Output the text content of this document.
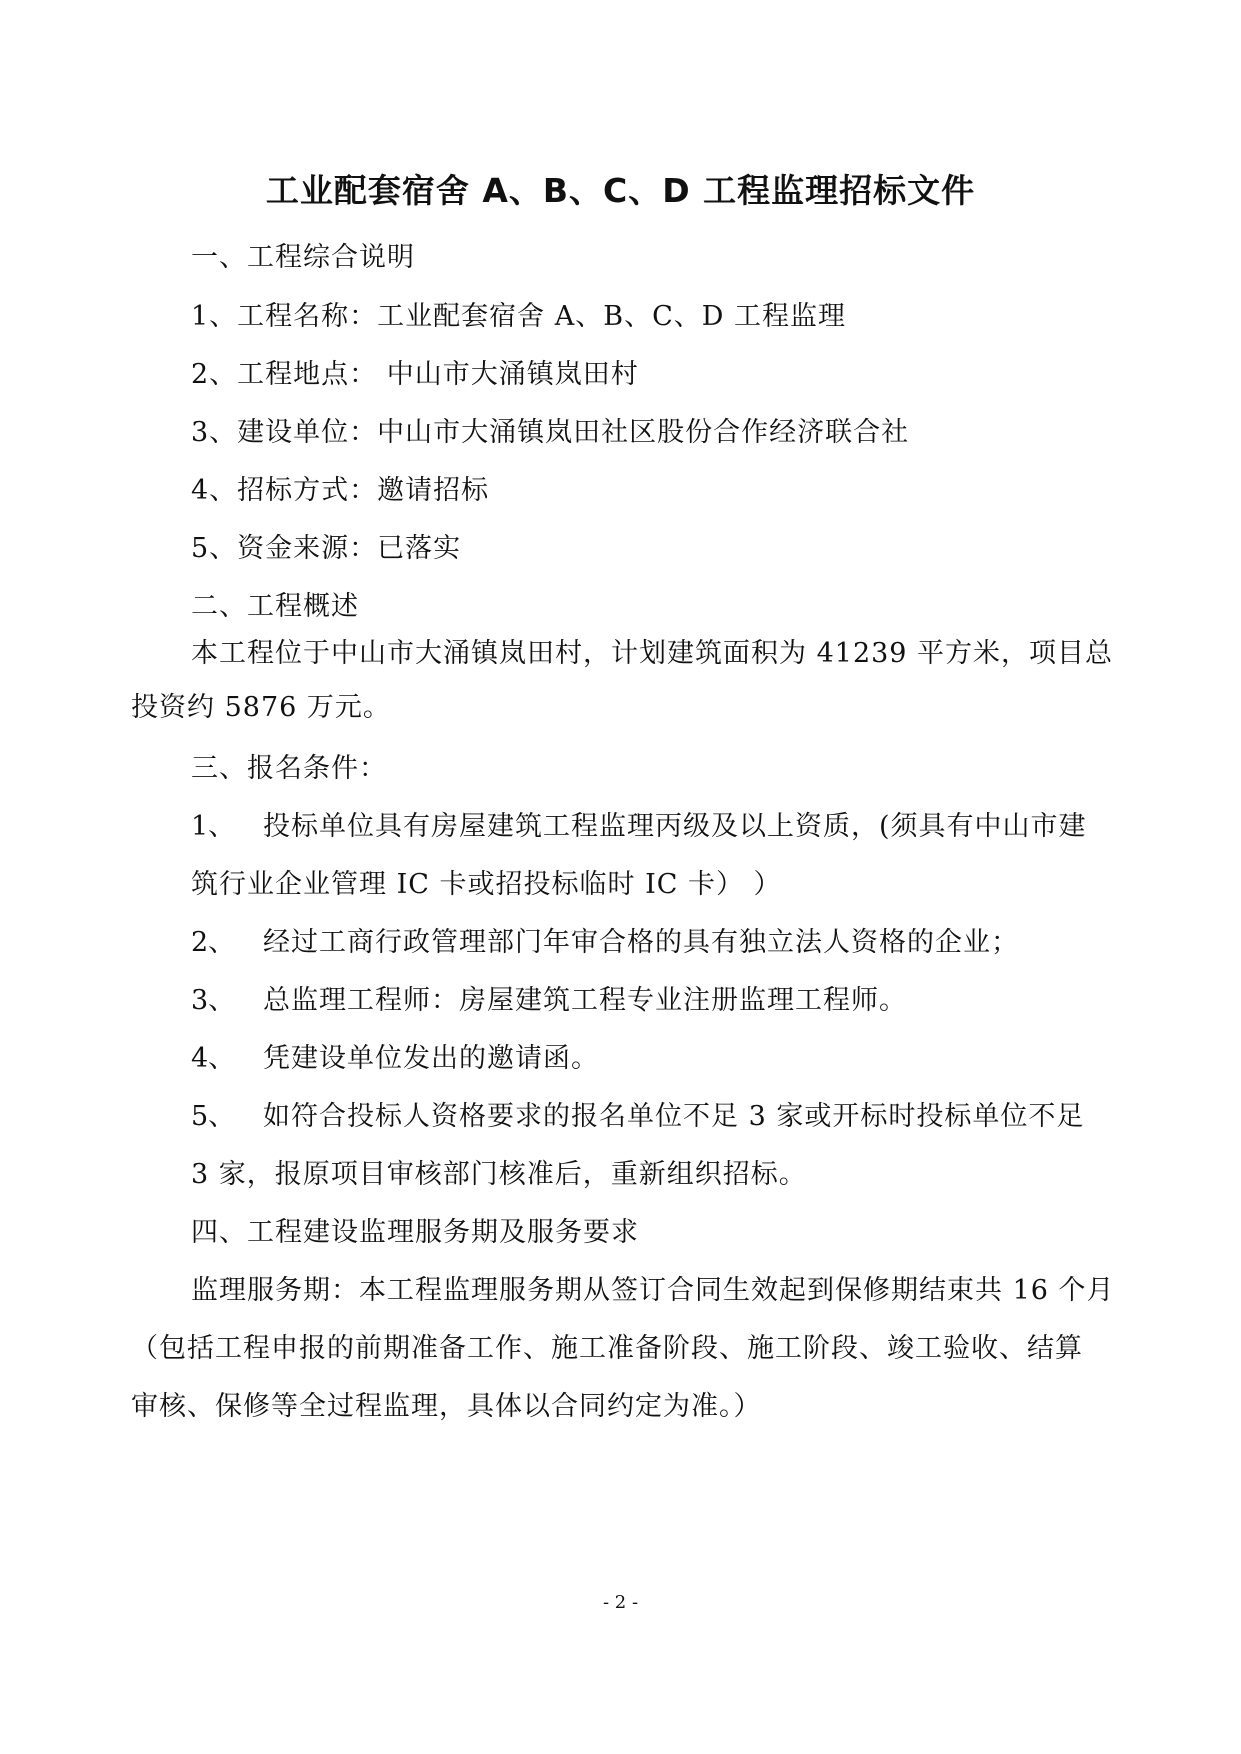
工业配套宿舍 A、B、C、D 工程监理招标文件
一、工程综合说明
1、工程名称：工业配套宿舍 A、B、C、D 工程监理
2、工程地点： 中山市大涌镇岚田村
3、建设单位：中山市大涌镇岚田社区股份合作经济联合社
4、招标方式：邀请招标
5、资金来源：已落实
二、工程概述
本工程位于中山市大涌镇岚田村，计划建筑面积为 41239 平方米，项目总
投资约 5876 万元。
三、报名条件：
1、 投标单位具有房屋建筑工程监理丙级及以上资质，(须具有中山市建
筑行业企业管理 IC 卡或招投标临时 IC 卡） ）
2、 经过工商行政管理部门年审合格的具有独立法人资格的企业；
3、 总监理工程师：房屋建筑工程专业注册监理工程师。
4、 凭建设单位发出的邀请函。
5、 如符合投标人资格要求的报名单位不足 3 家或开标时投标单位不足
3 家，报原项目审核部门核准后，重新组织招标。
四、工程建设监理服务期及服务要求
监理服务期：本工程监理服务期从签订合同生效起到保修期结束共 16 个月
（包括工程申报的前期准备工作、施工准备阶段、施工阶段、竣工验收、结算
审核、保修等全过程监理，具体以合同约定为准。）
- 2 -
